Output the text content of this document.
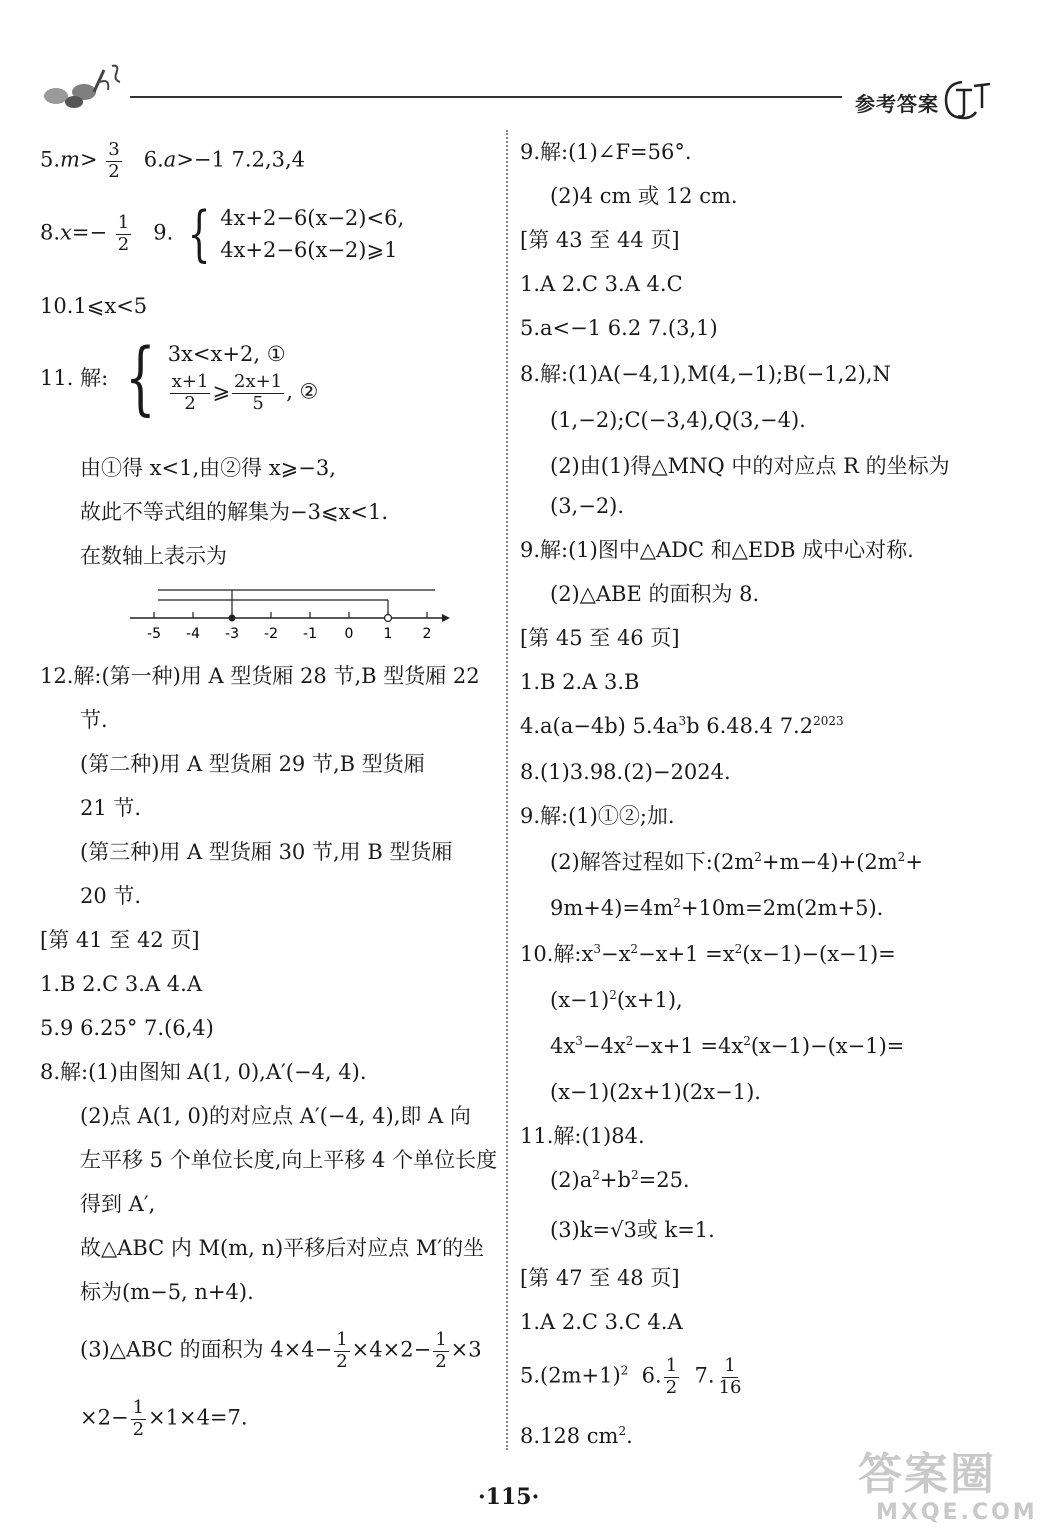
参考答案
$5.m> \frac{3}{2} 6.a>-1$ 7.2,3,4
$8.x=- \frac{1}{2} 9$. { 4x+2−6(x−2)<6,
4x+2−6(x−2)⩾1
10.1⩽x<5
11. 解: { 3x<x+2, ①
$\frac{x+1}{2}$ ⩾ $\frac{2x+1}{5}$ , ②
由①得 x<1,由②得 x⩾−3,
故此不等式组的解集为−3⩽x<1.
在数轴上表示为
-5 -4 -3 -2 -1 0 1 2
12.解:(第一种)用 A 型货厢 28 节,B 型货厢 22
节.
(第二种)用 A 型货厢 29 节,B 型货厢
21 节.
(第三种)用 A 型货厢 30 节,用 B 型货厢
20 节.
[第 41 至 42 页]
1.B 2.C 3.A 4.A
5.9 6.25° 7.(6,4)
8.解:(1)由图知 A(1, 0),A′(−4, 4).
(2)点 A(1, 0)的对应点 A′(−4, 4),即 A 向
左平移 5 个单位长度,向上平移 4 个单位长度
得到 A′,
故△ABC 内 M(m, n)平移后对应点 M′的坐
标为(m−5, n+4).
(3)△ABC 的面积为 $4\times 4- \frac{1}{2} \times 4\times 2- \frac{1}{2} \times 3$
$\times 2- \frac{1}{2} \times 1\times 4=7$.
9.解:(1)∠F=56°.
(2)4 cm 或 12 cm.
[第 43 至 44 页]
1.A 2.C 3.A 4.C
5.a<−1 6.2 7.(3,1)
8.解:(1)A(−4,1),M(4,−1);B(−1,2),N
(1,−2);C(−3,4),Q(3,−4).
(2)由(1)得△MNQ 中的对应点 R 的坐标为
(3,−2).
9.解:(1)图中△ADC 和△EDB 成中心对称.
(2)△ABE 的面积为 8.
[第 45 至 46 页]
1.B 2.A 3.B
4.a(a−4b) $5.4a^3b$ 6.48.4 $7.2^{2023}$
8.(1)3.98.(2)−2024.
9.解:(1)①②;加.
(2)解答过程如下$:(2m^2+m-4)+(2m^2+$
$9m+4)=4m^2+10m=2m(2m+5)$.
10.解$:x^3-x^2-x+1 =x^2(x-1)-(x-1)=$
$(x-1)^2(x+1)$,
$4x^3-4x^2-x+1 =4x^2(x-1)-(x-1)=$
(x−1)(2x+1)(2x−1).
11.解:(1)84.
$(2)a^2+b^2=25$.
(3)k=√3或 k=1.
[第 47 至 48 页]
1.A 2.C 3.C 4.A
$5.(2m+1)^2$ 6. $\frac{1}{2} 7$. $\frac{1}{16}$
8.128 $cm^2$.
·115·	答案圈
MXQE.COM
